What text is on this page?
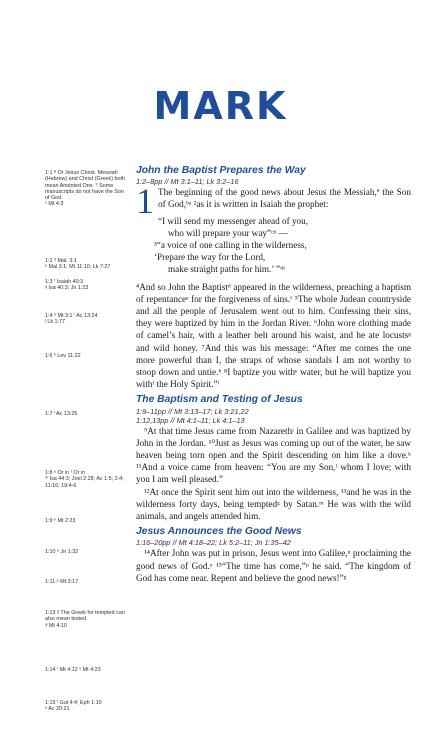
MARK
1:1 ª Or Jesus Christ. Messiah (Hebrew) and Christ (Greek) both mean Anointed One. ᵇ Some manuscripts do not have the Son of God.
ᶜ Mt 4:3
1:2 ᵈ Mal. 3:1
ᵉ Mal 3:1; Mt 11:10; Lk 7:27
1:3 ᶠ Isaiah 40:3
ᵍ Isa 40:3; Jn 1:23
1:4 ʰ Mt 3:1 ⁱ Ac 13:24
ʲ Lk 1:77
1:6 ᵏ Lev 11:22
1:7 ˡ Ac 13:25
1:8 ᵉ Or in ᶠ Or in
ᵐ Isa 44:3; Joel 2:28; Ac 1:5; 2:4; 11:16; 19:4-6
1:9 ⁿ Mt 2:23
1:10 ᵒ Jn 1:32
1:11 ᵖ Mt 3:17
1:13 ᵍ The Greek for tempted can also mean tested.
ᵠ Mt 4:10
1:14 ʳ Mt 4:12 ˢ Mt 4:23
1:15 ᵗ Gal 4:4; Eph 1:10
ᵘ Ac 20:21
John the Baptist Prepares the Way
1:2–8pp // Mt 3:1–11; Lk 3:2–16

1 The beginning of the good news about Jesus the Messiah,ª the Son of God,ᵇᵃ ²as it is written in Isaiah the prophet:

“I will send my messenger ahead of you,
who will prepare your way”ᶜᵇ —
³“a voice of one calling in the wilderness,
‘Prepare the way for the Lord,
make straight paths for him.’ ”ᵈᶜ

⁴And so John the Baptistᵈ appeared in the wilderness, preaching a baptism of repentanceᵉ for the forgiveness of sins.ᶠ ⁵The whole Judean countryside and all the people of Jerusalem went out to him. Confessing their sins, they were baptized by him in the Jordan River. ⁶John wore clothing made of camel’s hair, with a leather belt around his waist, and he ate locustsᵍ and wild honey. ⁷And this was his message: “After me comes the one more powerful than I, the straps of whose sandals I am not worthy to stoop down and untie.ʰ ⁸I baptize you withᵉ water, but he will baptize you withᶠ the Holy Spirit.”ⁱ

The Baptism and Testing of Jesus
1:9–11pp // Mt 3:13–17; Lk 3:21,22
1:12,13pp // Mt 4:1–11; Lk 4:1–13

⁹At that time Jesus came from Nazarethʲ in Galilee and was baptized by John in the Jordan. ¹⁰Just as Jesus was coming up out of the water, he saw heaven being torn open and the Spirit descending on him like a dove.ᵏ ¹¹And a voice came from heaven: “You are my Son,ˡ whom I love; with you I am well pleased.”

¹²At once the Spirit sent him out into the wilderness, ¹³and he was in the wilderness forty days, being temptedᵍ by Satan.ᵐ He was with the wild animals, and angels attended him.

Jesus Announces the Good News
1:16–20pp // Mt 4:18–22; Lk 5:2–11; Jn 1:35–42

¹⁴After John was put in prison, Jesus went into Galilee,ⁿ proclaiming the good news of God.ᵒ ¹⁵“The time has come,”ᵖ he said. “The kingdom of God has come near. Repent and believe the good news!”ᵍ
